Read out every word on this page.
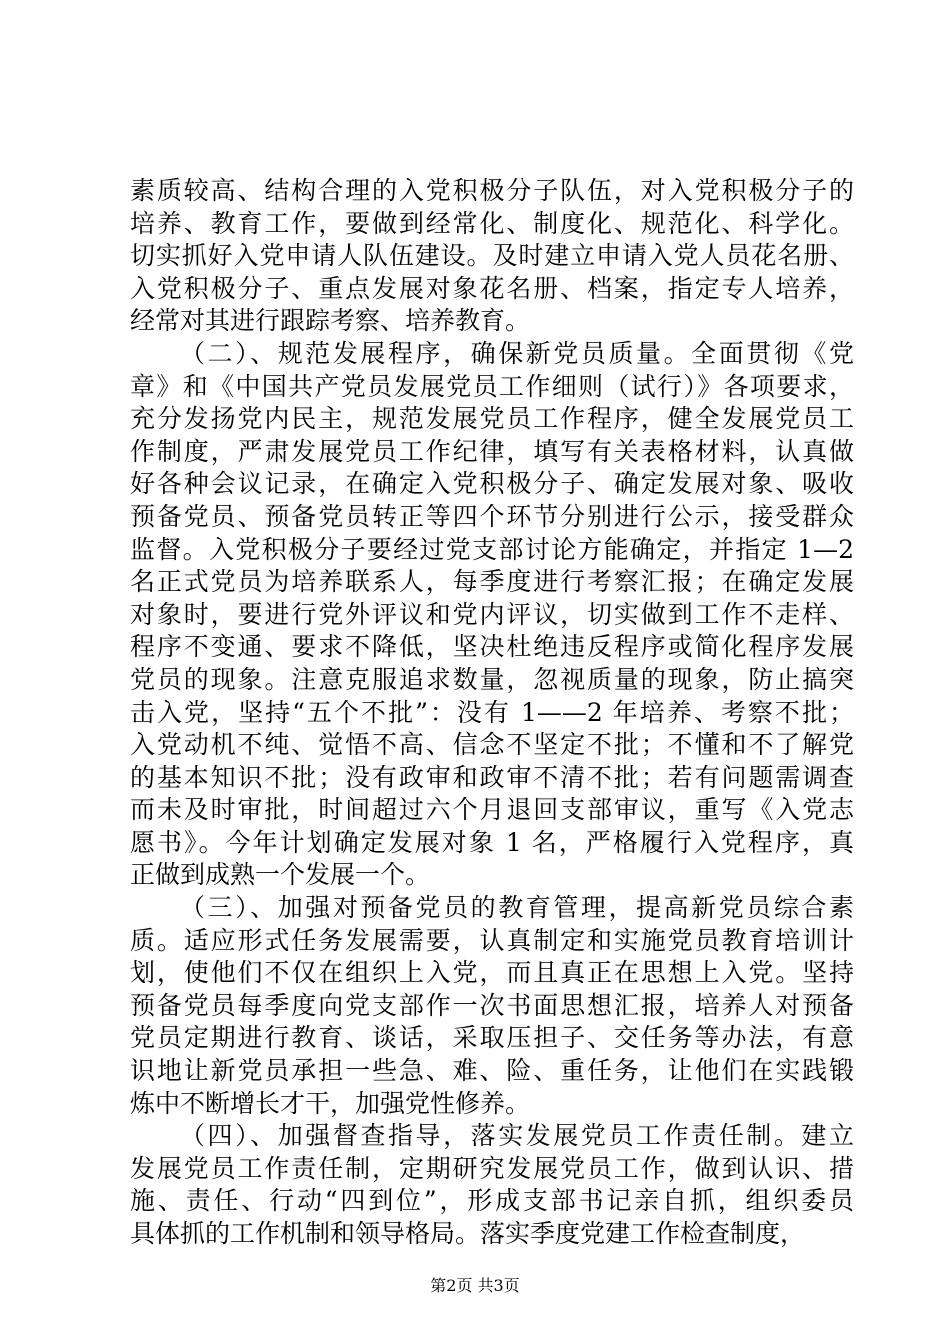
素质较高、结构合理的入党积极分子队伍，对入党积极分子的
培养、教育工作，要做到经常化、制度化、规范化、科学化。
切实抓好入党申请人队伍建设。及时建立申请入党人员花名册、
入党积极分子、重点发展对象花名册、档案，指定专人培养，
经常对其进行跟踪考察、培养教育。
（二）、规范发展程序，确保新党员质量。全面贯彻《党
章》和《中国共产党员发展党员工作细则（试行）》各项要求，
充分发扬党内民主，规范发展党员工作程序，健全发展党员工
作制度，严肃发展党员工作纪律，填写有关表格材料，认真做
好各种会议记录，在确定入党积极分子、确定发展对象、吸收
预备党员、预备党员转正等四个环节分别进行公示，接受群众
监督。入党积极分子要经过党支部讨论方能确定，并指定 1—2
名正式党员为培养联系人，每季度进行考察汇报；在确定发展
对象时，要进行党外评议和党内评议，切实做到工作不走样、
程序不变通、要求不降低，坚决杜绝违反程序或简化程序发展
党员的现象。注意克服追求数量，忽视质量的现象，防止搞突
击入党，坚持“五个不批”：没有 1——2 年培养、考察不批；
入党动机不纯、觉悟不高、信念不坚定不批；不懂和不了解党
的基本知识不批；没有政审和政审不清不批；若有问题需调查
而未及时审批，时间超过六个月退回支部审议，重写《入党志
愿书》。今年计划确定发展对象 1 名，严格履行入党程序，真
正做到成熟一个发展一个。
（三）、加强对预备党员的教育管理，提高新党员综合素
质。适应形式任务发展需要，认真制定和实施党员教育培训计
划，使他们不仅在组织上入党，而且真正在思想上入党。坚持
预备党员每季度向党支部作一次书面思想汇报，培养人对预备
党员定期进行教育、谈话，采取压担子、交任务等办法，有意
识地让新党员承担一些急、难、险、重任务，让他们在实践锻
炼中不断增长才干，加强党性修养。
（四）、加强督查指导，落实发展党员工作责任制。建立
发展党员工作责任制，定期研究发展党员工作，做到认识、措
施、责任、行动“四到位”，形成支部书记亲自抓，组织委员
具体抓的工作机制和领导格局。落实季度党建工作检查制度，
第2页 共3页
